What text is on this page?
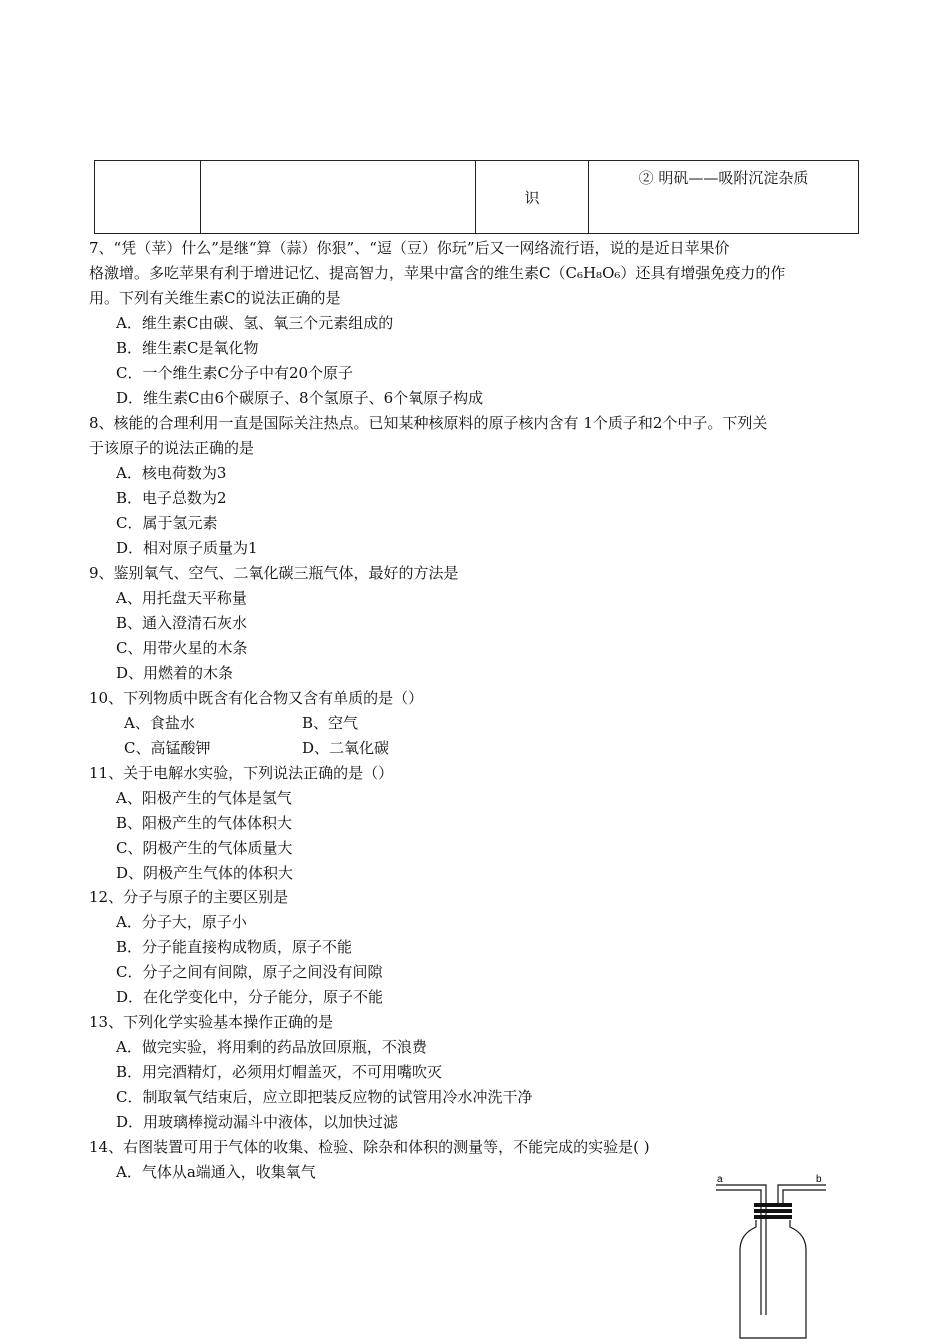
		识	② 明矾——吸附沉淀杂质

7、“凭（苹）什么”是继“算（蒜）你狠”、“逗（豆）你玩”后又一网络流行语，说的是近日苹果价

格激增。多吃苹果有利于增进记忆、提高智力，苹果中富含的维生素C（C₆H₈O₆）还具有增强免疫力的作

用。下列有关维生素C的说法正确的是

A．维生素C由碳、氢、氧三个元素组成的

B．维生素C是氧化物

C．一个维生素C分子中有20个原子

D．维生素C由6个碳原子、8个氢原子、6个氧原子构成

8、核能的合理利用一直是国际关注热点。已知某种核原料的原子核内含有 1个质子和2个中子。下列关

于该原子的说法正确的是

A．核电荷数为3

B．电子总数为2

C．属于氢元素

D．相对原子质量为1

9、鉴别氧气、空气、二氧化碳三瓶气体，最好的方法是

A、用托盘天平称量

B、通入澄清石灰水

C、用带火星的木条

D、用燃着的木条

10、下列物质中既含有化合物又含有单质的是（）

A、食盐水	B、空气
C、高锰酸钾	D、二氧化碳

11、关于电解水实验，下列说法正确的是（）

A、阳极产生的气体是氢气

B、阳极产生的气体体积大

C、阴极产生的气体质量大

D、阴极产生气体的体积大

12、分子与原子的主要区别是

A．分子大，原子小

B．分子能直接构成物质，原子不能

C．分子之间有间隙，原子之间没有间隙

D．在化学变化中，分子能分，原子不能

13、下列化学实验基本操作正确的是

A．做完实验，将用剩的药品放回原瓶，不浪费

B．用完酒精灯，必须用灯帽盖灭，不可用嘴吹灭

C．制取氧气结束后，应立即把装反应物的试管用冷水冲洗干净

D．用玻璃棒搅动漏斗中液体，以加快过滤

14、右图装置可用于气体的收集、检验、除杂和体积的测量等，不能完成的实验是( )

A．气体从a端通入，收集氧气	a	b
